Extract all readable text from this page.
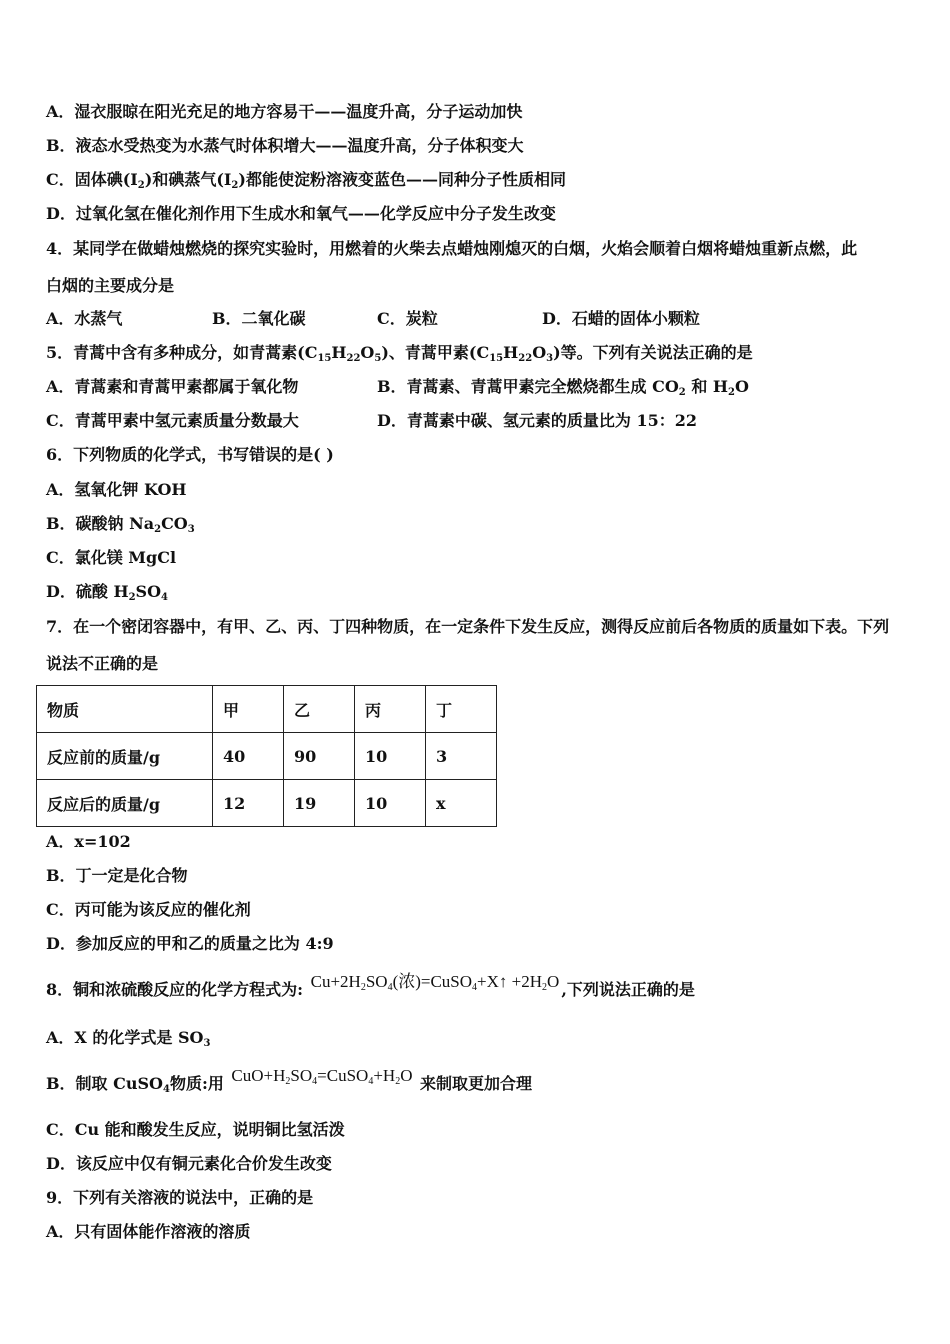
A．湿衣服晾在阳光充足的地方容易干——温度升高，分子运动加快
B．液态水受热变为水蒸气时体积增大——温度升高，分子体积变大
C．固体碘$(I_2)$和碘蒸气$(I_2)$都能使淀粉溶液变蓝色——同种分子性质相同
D．过氧化氢在催化剂作用下生成水和氧气——化学反应中分子发生改变
4．某同学在做蜡烛燃烧的探究实验时，用燃着的火柴去点蜡烛刚熄灭的白烟，火焰会顺着白烟将蜡烛重新点燃，此
白烟的主要成分是
A．水蒸气	B．二氧化碳	C．炭粒	D．石蜡的固体小颗粒
5．青蒿中含有多种成分，如青蒿素$(C_{15}H_{22}O_5)$、青蒿甲素$(C_{15}H_{22}O_3)$等。下列有关说法正确的是
A．青蒿素和青蒿甲素都属于氧化物	B．青蒿素、青蒿甲素完全燃烧都生成 $CO_2$ 和 $H_2O$
C．青蒿甲素中氢元素质量分数最大	D．青蒿素中碳、氢元素的质量比为 15：22
6．下列物质的化学式，书写错误的是( )
A．氢氧化钾 KOH
B．碳酸钠 $Na_2CO_3$
C．氯化镁 MgCl
D．硫酸 $H_2SO_4$
7．在一个密闭容器中，有甲、乙、丙、丁四种物质，在一定条件下发生反应，测得反应前后各物质的质量如下表。下列
说法不正确的是
物质	甲	乙	丙	丁
反应前的质量/g	40	90	10	3
反应后的质量/g	12	19	10	x
A．x=102
B．丁一定是化合物
C．丙可能为该反应的催化剂
D．参加反应的甲和乙的质量之比为 4:9
8．铜和浓硫酸反应的化学方程式为: $Cu+2H_2SO_4$(浓)=CuSO$_4$+X↑ $+2H_2O$ ,下列说法正确的是
A．X 的化学式是 $SO_3$
B．制取 CuSO$_4$物质:用 $CuO+H_2SO_4=CuSO_4+H_2O$ 来制取更加合理
C．Cu 能和酸发生反应，说明铜比氢活泼
D．该反应中仅有铜元素化合价发生改变
9．下列有关溶液的说法中，正确的是
A．只有固体能作溶液的溶质
